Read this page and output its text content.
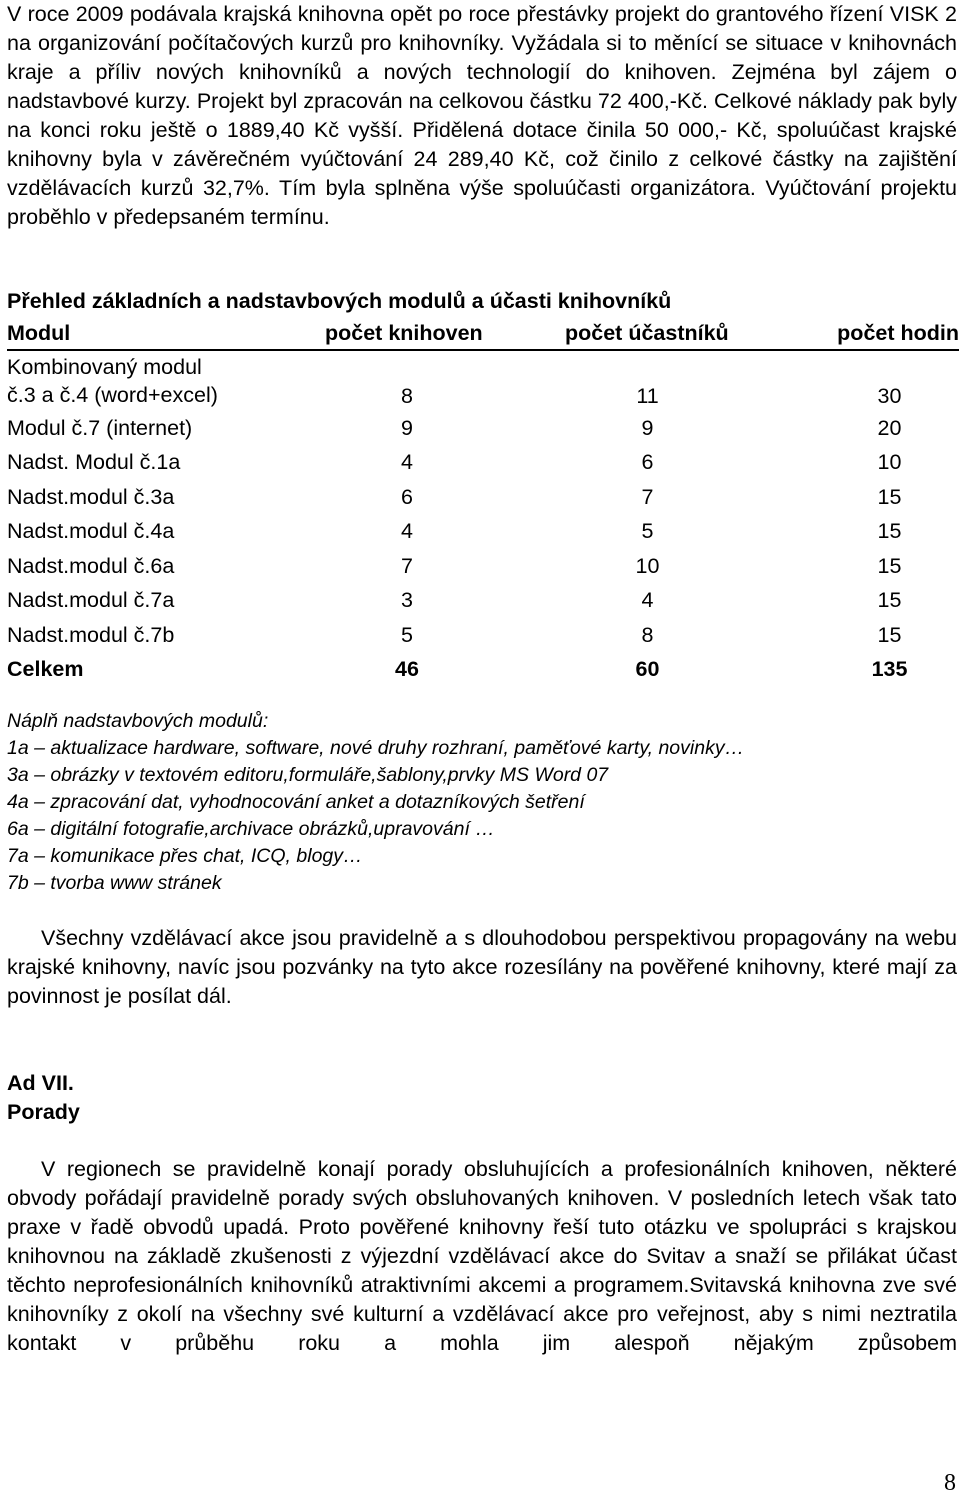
V roce 2009 podávala krajská knihovna opět po roce přestávky projekt do grantového řízení VISK 2 na organizování počítačových kurzů pro knihovníky. Vyžádala si to měnící se situace v knihovnách kraje a příliv nových knihovníků a nových technologií do knihoven. Zejména byl zájem o nadstavbové kurzy. Projekt byl zpracován na celkovou částku 72 400,-Kč. Celkové náklady pak byly na konci roku ještě o 1889,40 Kč vyšší. Přidělená dotace činila 50 000,- Kč, spoluúčast krajské knihovny byla v závěrečném vyúčtování 24 289,40 Kč, což činilo z celkové částky na zajištění vzdělávacích kurzů 32,7%. Tím byla splněna výše spoluúčasti organizátora. Vyúčtování projektu proběhlo v předepsaném termínu.

Přehled základních a nadstavbových modulů a účasti knihovníků
Modul	počet knihoven	počet účastníků	počet hodin
Kombinovaný modul
č.3 a č.4 (word+excel)	8	11	30
Modul č.7 (internet)	9	9	20
Nadst. Modul č.1a	4	6	10
Nadst.modul č.3a	6	7	15
Nadst.modul č.4a	4	5	15
Nadst.modul č.6a	7	10	15
Nadst.modul č.7a	3	4	15
Nadst.modul č.7b	5	8	15
Celkem	46	60	135
Náplň nadstavbových modulů:
1a – aktualizace hardware, software, nové druhy rozhraní, paměťové karty, novinky…
3a – obrázky v textovém editoru,formuláře,šablony,prvky MS Word 07
4a – zpracování dat, vyhodnocování anket a dotazníkových šetření
6a – digitální fotografie,archivace obrázků,upravování …
7a – komunikace přes chat, ICQ, blogy…
7b – tvorba www stránek

Všechny vzdělávací akce jsou pravidelně a s dlouhodobou perspektivou propagovány na webu krajské knihovny, navíc jsou pozvánky na tyto akce rozesílány na pověřené knihovny, které mají za povinnost je posílat dál.

Ad VII.
Porady

V regionech se pravidelně konají porady obsluhujících a profesionálních knihoven, některé obvody pořádají pravidelně porady svých obsluhovaných knihoven. V posledních letech však tato praxe v řadě obvodů upadá. Proto pověřené knihovny řeší tuto otázku ve spolupráci s krajskou knihovnou na základě zkušenosti z výjezdní vzdělávací akce do Svitav a snaží se přilákat účast těchto neprofesionálních knihovníků atraktivními akcemi a programem.Svitavská knihovna zve své knihovníky z okolí na všechny své kulturní a vzdělávací akce pro veřejnost, aby s nimi neztratila kontakt v průběhu roku a mohla jim alespoň nějakým způsobem

8
